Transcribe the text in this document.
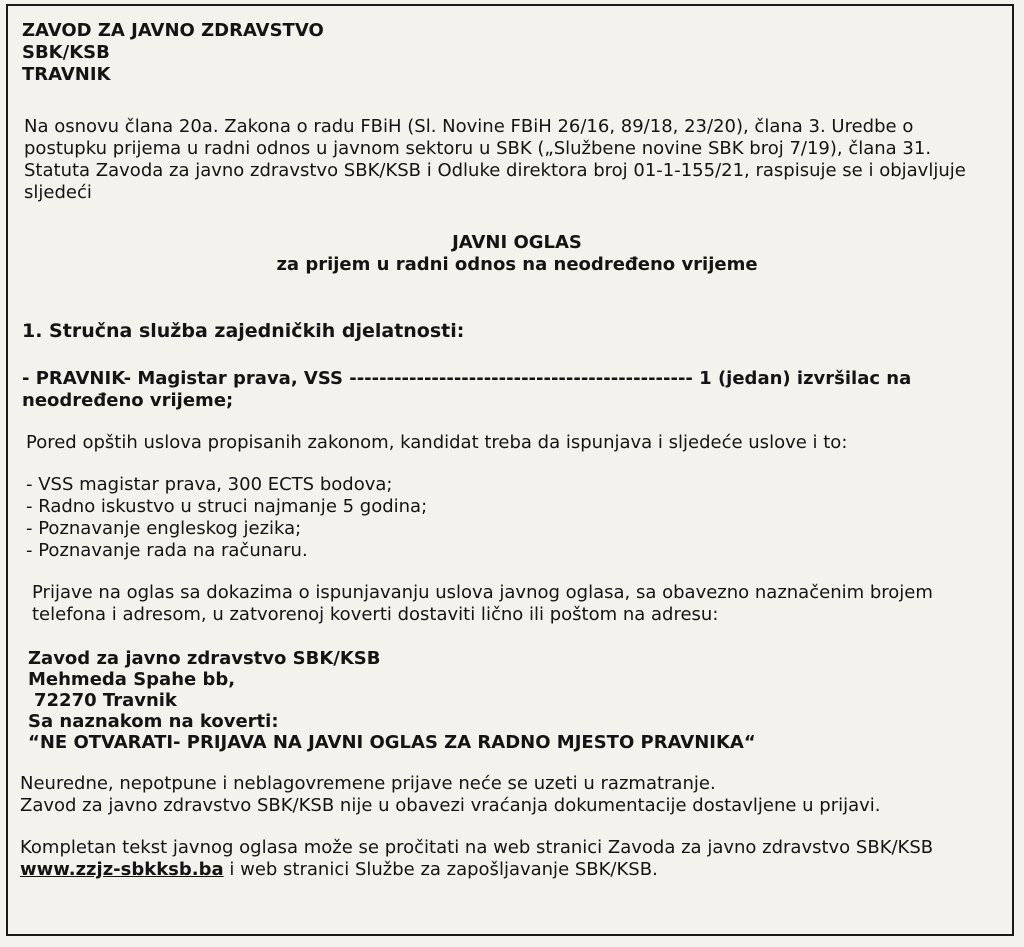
ZAVOD ZA JAVNO ZDRAVSTVO
SBK/KSB
TRAVNIK
Na osnovu člana 20a. Zakona o radu FBiH (Sl. Novine FBiH 26/16, 89/18, 23/20), člana 3. Uredbe o
postupku prijema u radni odnos u javnom sektoru u SBK („Službene novine SBK broj 7/19), člana 31.
Statuta Zavoda za javno zdravstvo SBK/KSB i Odluke direktora broj 01-1-155/21, raspisuje se i objavljuje
sljedeći
JAVNI OGLAS
za prijem u radni odnos na neodređeno vrijeme
1. Stručna služba zajedničkih djelatnosti:
- PRAVNIK- Magistar prava, VSS ---------------------------------------------- 1 (jedan) izvršilac na
neodređeno vrijeme;
Pored opštih uslova propisanih zakonom, kandidat treba da ispunjava i sljedeće uslove i to:
- VSS magistar prava, 300 ECTS bodova;
- Radno iskustvo u struci najmanje 5 godina;
- Poznavanje engleskog jezika;
- Poznavanje rada na računaru.
Prijave na oglas sa dokazima o ispunjavanju uslova javnog oglasa, sa obavezno naznačenim brojem
telefona i adresom, u zatvorenoj koverti dostaviti lično ili poštom na adresu:
Zavod za javno zdravstvo SBK/KSB
Mehmeda Spahe bb,
72270 Travnik
Sa naznakom na koverti:
“NE OTVARATI- PRIJAVA NA JAVNI OGLAS ZA RADNO MJESTO PRAVNIKA“
Neuredne, nepotpune i neblagovremene prijave neće se uzeti u razmatranje.
Zavod za javno zdravstvo SBK/KSB nije u obavezi vraćanja dokumentacije dostavljene u prijavi.
Kompletan tekst javnog oglasa može se pročitati na web stranici Zavoda za javno zdravstvo SBK/KSB
www.zzjz-sbkksb.ba i web stranici Službe za zapošljavanje SBK/KSB.
